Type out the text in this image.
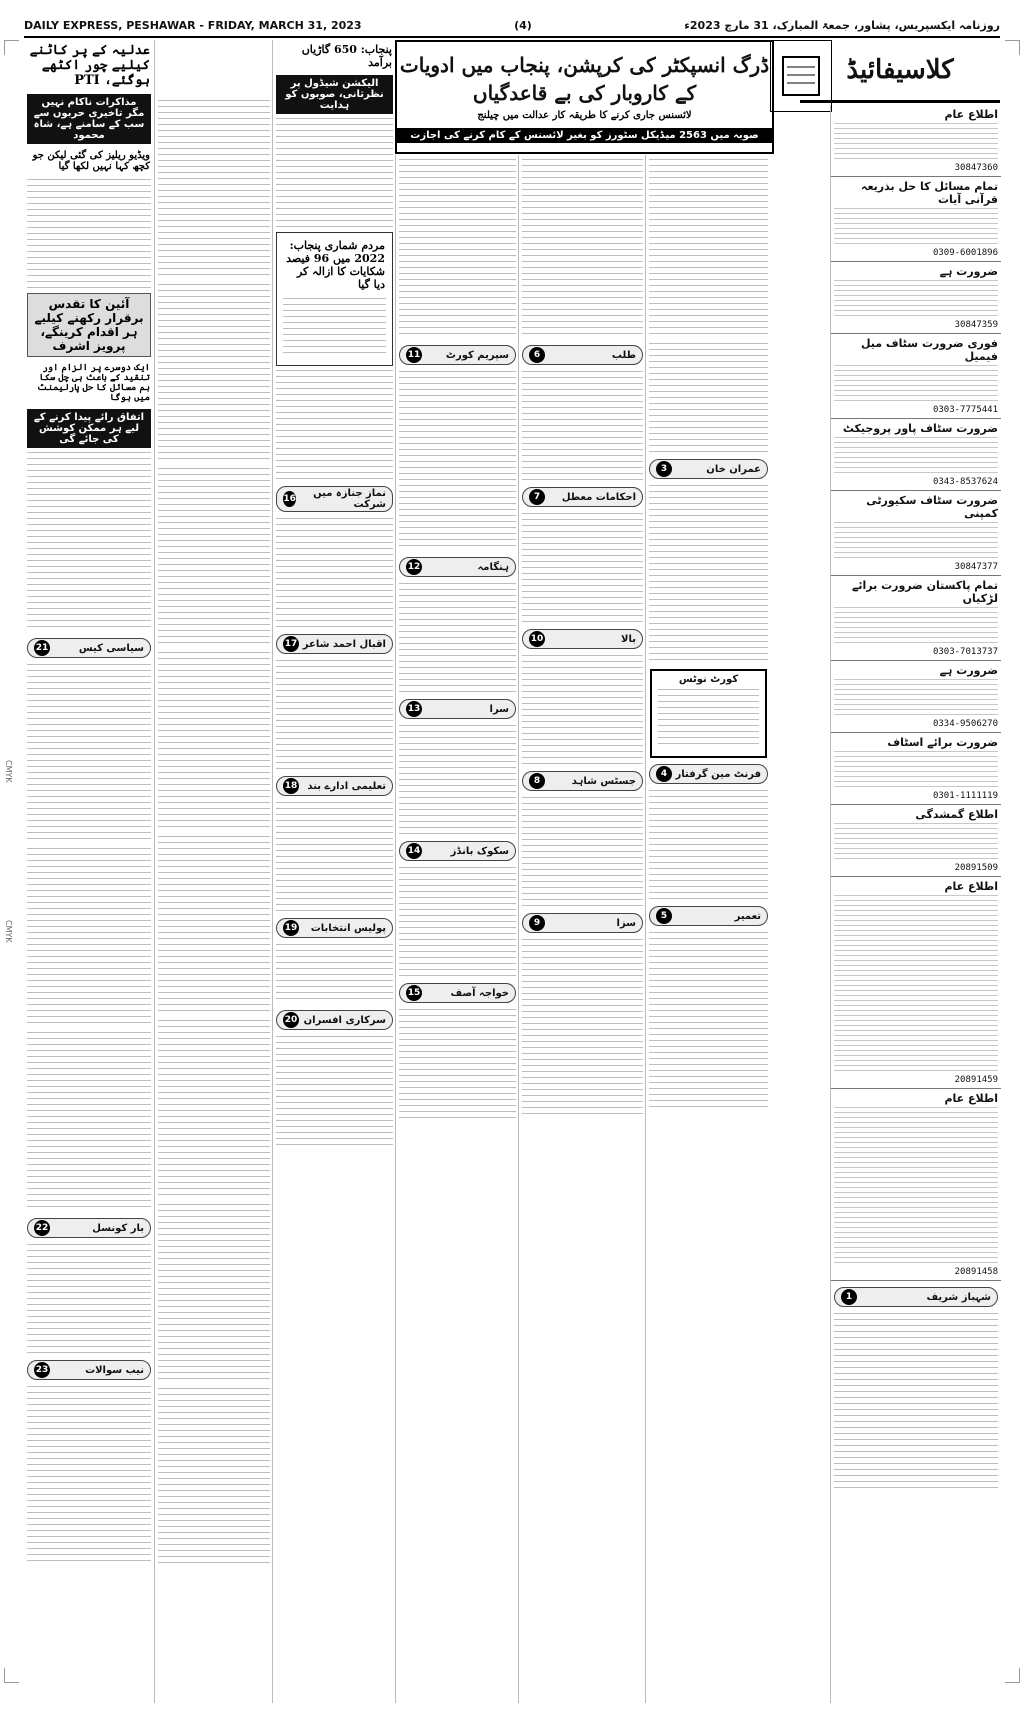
CMYK
CMYK
DAILY EXPRESS, PESHAWAR - FRIDAY, MARCH 31, 2023	(4)	روزنامہ ایکسپریس، پشاور، جمعۃ المبارک، 31 مارچ 2023ء
عدلیہ کے پر کاٹنے کیلیے چور اکٹھے ہوگئے، PTI
مذاکرات ناکام نہیں مگر تاخیری حربوں سے سب کے سامنے ہے، شاہ محمود
ویڈیو ریلیز کی گئی لیکن جو کچھ کہا نہیں لکھا گیا
آئین کا تقدس برقرار رکھنے کیلیے ہر اقدام کرینگے، پرویز اشرف
ایک دوسرے پر الزام اور تنقید کے باعث ہی چل سکا ہم مسائل کا حل پارلیمنٹ میں ہوگا
اتفاق رائے پیدا کرنے کے لیے ہر ممکن کوشش کی جائے گی
سیاسی کیس
21
بار کونسل
22
نیب سوالات
23
پنجاب: 650 گاڑیاں برآمد
الیکشن شیڈول پر نظرثانی، صوبوں کو ہدایت
مردم شماری پنجاب: 2022 میں 96 فیصد شکایات کا ازالہ کر دیا گیا
نماز جنازہ میں شرکت
16
اقبال احمد شاعر
17
تعلیمی ادارے بند
18
پولیس انتخابات
19
سرکاری افسران
20
ڈرگ انسپکٹر کی کرپشن، پنجاب میں ادویات کے کاروبار کی بے قاعدگیاں
لائسنس جاری کرنے کا طریقہ کار عدالت میں چیلنج
صوبہ میں 2563 میڈیکل سٹورز کو بغیر لائسنس کے کام کرنے کی اجازت
سپریم کورٹ
11
ہنگامہ
12
سرا
13
سکوک بانڈز
14
خواجہ آصف
15
طلب
6
احکامات معطل
7
بالا
10
جسٹس شاہد
8
سزا
9
عمران خان
3
کورٹ نوٹس
فرنٹ مین گرفتار
4
تعمیر
5
کلاسیفائیڈ
اطلاع عام
30847360
تمام مسائل کا حل بذریعہ قرآنی آیات
0309-6001896
ضرورت ہے
30847359
فوری ضرورت سٹاف میل فیمیل
0303-7775441
ضرورت سٹاف پاور پروجیکٹ
0343-8537624
ضرورت سٹاف سکیورٹی کمپنی
30847377
تمام پاکستان ضرورت برائے لڑکیاں
0303-7013737
ضرورت ہے
0334-9506270
ضرورت برائے اسٹاف
0301-1111119
اطلاع گمشدگی
20891509
اطلاع عام
20891459
اطلاع عام
20891458
شہباز شریف
1
